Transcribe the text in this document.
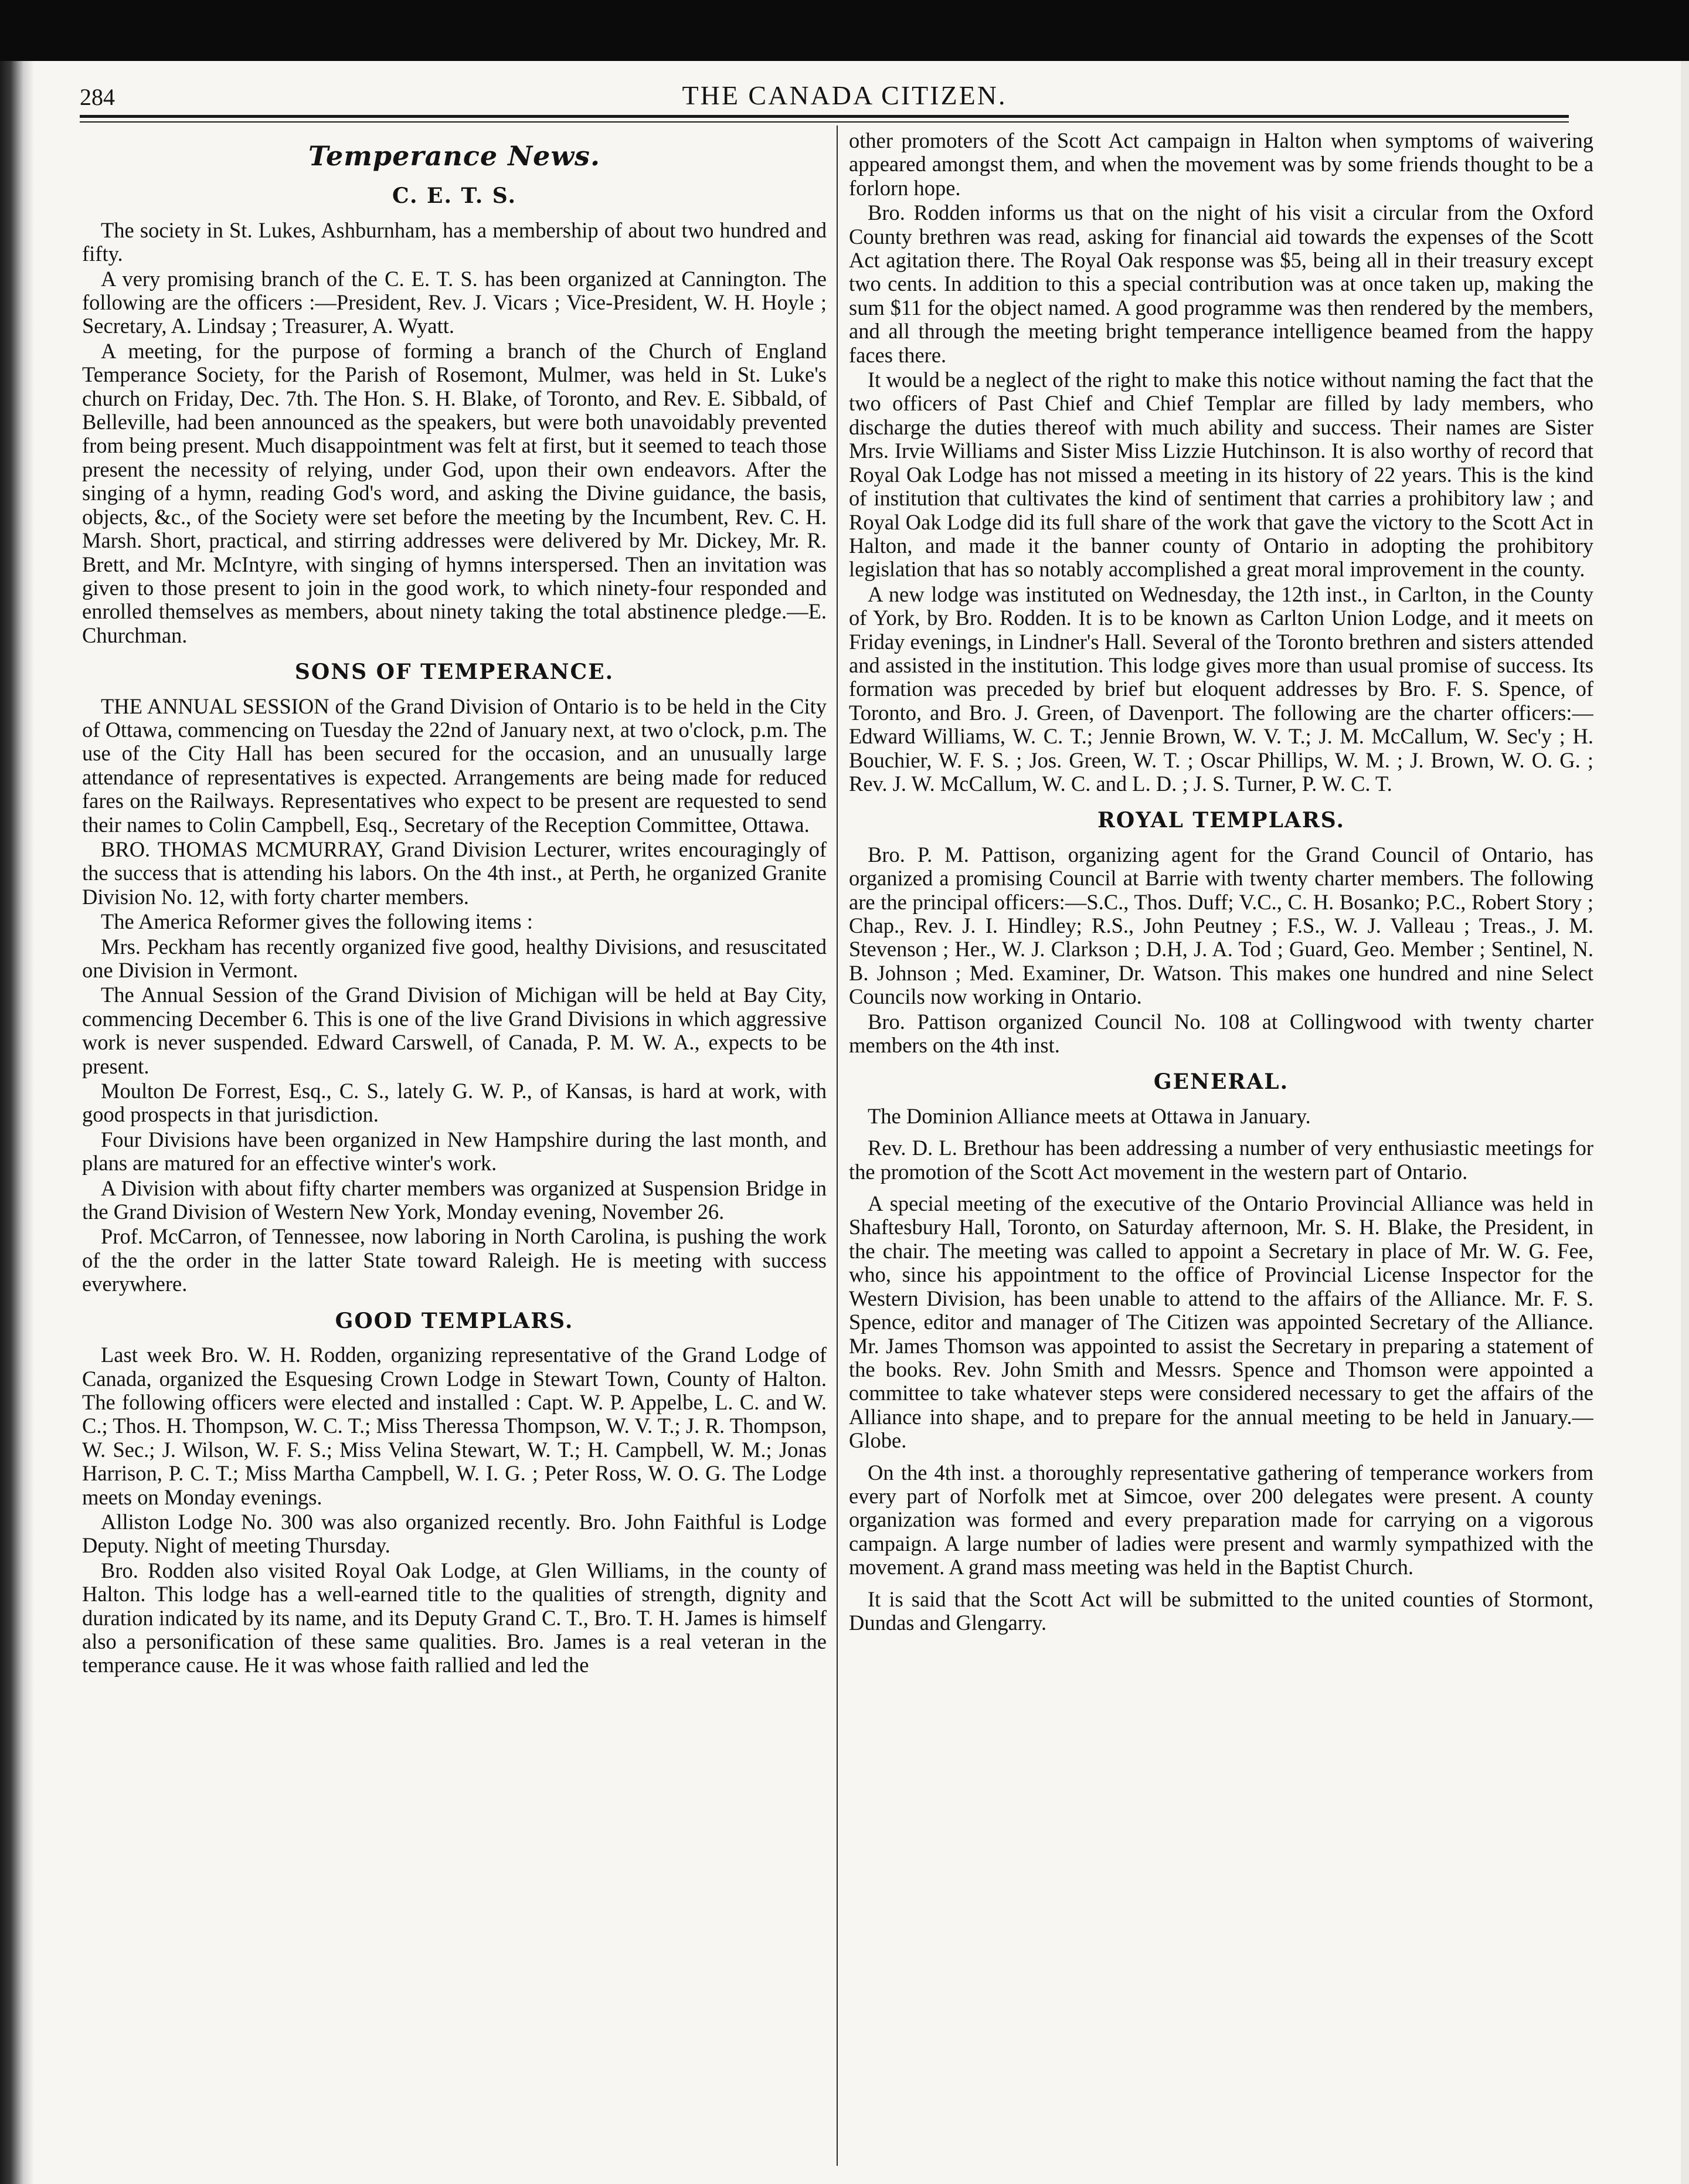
284	THE CANADA CITIZEN.
Temperance News.
C. E. T. S.

The society in St. Lukes, Ashburnham, has a membership of about two hundred and fifty.

A very promising branch of the C. E. T. S. has been organized at Cannington. The following are the officers :—President, Rev. J. Vicars ; Vice-President, W. H. Hoyle ; Secretary, A. Lindsay ; Treasurer, A. Wyatt.

A meeting, for the purpose of forming a branch of the Church of England Temperance Society, for the Parish of Rosemont, Mulmer, was held in St. Luke's church on Friday, Dec. 7th. The Hon. S. H. Blake, of Toronto, and Rev. E. Sibbald, of Belleville, had been announced as the speakers, but were both unavoidably prevented from being present. Much disappointment was felt at first, but it seemed to teach those present the necessity of relying, under God, upon their own endeavors. After the singing of a hymn, reading God's word, and asking the Divine guidance, the basis, objects, &c., of the Society were set before the meeting by the Incumbent, Rev. C. H. Marsh. Short, practical, and stirring addresses were delivered by Mr. Dickey, Mr. R. Brett, and Mr. McIntyre, with singing of hymns interspersed. Then an invitation was given to those present to join in the good work, to which ninety-four responded and enrolled themselves as members, about ninety taking the total abstinence pledge.—E. Churchman.

SONS OF TEMPERANCE.

THE ANNUAL SESSION of the Grand Division of Ontario is to be held in the City of Ottawa, commencing on Tuesday the 22nd of January next, at two o'clock, p.m. The use of the City Hall has been secured for the occasion, and an unusually large attendance of representatives is expected. Arrangements are being made for reduced fares on the Railways. Representatives who expect to be present are requested to send their names to Colin Campbell, Esq., Secretary of the Reception Committee, Ottawa.

BRO. THOMAS MCMURRAY, Grand Division Lecturer, writes encouragingly of the success that is attending his labors. On the 4th inst., at Perth, he organized Granite Division No. 12, with forty charter members.

The America Reformer gives the following items :

Mrs. Peckham has recently organized five good, healthy Divisions, and resuscitated one Division in Vermont.

The Annual Session of the Grand Division of Michigan will be held at Bay City, commencing December 6. This is one of the live Grand Divisions in which aggressive work is never suspended. Edward Carswell, of Canada, P. M. W. A., expects to be present.

Moulton De Forrest, Esq., C. S., lately G. W. P., of Kansas, is hard at work, with good prospects in that jurisdiction.

Four Divisions have been organized in New Hampshire during the last month, and plans are matured for an effective winter's work.

A Division with about fifty charter members was organized at Suspension Bridge in the Grand Division of Western New York, Monday evening, November 26.

Prof. McCarron, of Tennessee, now laboring in North Carolina, is pushing the work of the the order in the latter State toward Raleigh. He is meeting with success everywhere.

GOOD TEMPLARS.

Last week Bro. W. H. Rodden, organizing representative of the Grand Lodge of Canada, organized the Esquesing Crown Lodge in Stewart Town, County of Halton. The following officers were elected and installed : Capt. W. P. Appelbe, L. C. and W. C.; Thos. H. Thompson, W. C. T.; Miss Theressa Thompson, W. V. T.; J. R. Thompson, W. Sec.; J. Wilson, W. F. S.; Miss Velina Stewart, W. T.; H. Campbell, W. M.; Jonas Harrison, P. C. T.; Miss Martha Campbell, W. I. G. ; Peter Ross, W. O. G. The Lodge meets on Monday evenings.

Alliston Lodge No. 300 was also organized recently. Bro. John Faithful is Lodge Deputy. Night of meeting Thursday.

Bro. Rodden also visited Royal Oak Lodge, at Glen Williams, in the county of Halton. This lodge has a well-earned title to the qualities of strength, dignity and duration indicated by its name, and its Deputy Grand C. T., Bro. T. H. James is himself also a personification of these same qualities. Bro. James is a real veteran in the temperance cause. He it was whose faith rallied and led the

other promoters of the Scott Act campaign in Halton when symptoms of waivering appeared amongst them, and when the movement was by some friends thought to be a forlorn hope.

Bro. Rodden informs us that on the night of his visit a circular from the Oxford County brethren was read, asking for financial aid towards the expenses of the Scott Act agitation there. The Royal Oak response was $5, being all in their treasury except two cents. In addition to this a special contribution was at once taken up, making the sum $11 for the object named. A good programme was then rendered by the members, and all through the meeting bright temperance intelligence beamed from the happy faces there.

It would be a neglect of the right to make this notice without naming the fact that the two officers of Past Chief and Chief Templar are filled by lady members, who discharge the duties thereof with much ability and success. Their names are Sister Mrs. Irvie Williams and Sister Miss Lizzie Hutchinson. It is also worthy of record that Royal Oak Lodge has not missed a meeting in its history of 22 years. This is the kind of institution that cultivates the kind of sentiment that carries a prohibitory law ; and Royal Oak Lodge did its full share of the work that gave the victory to the Scott Act in Halton, and made it the banner county of Ontario in adopting the prohibitory legislation that has so notably accomplished a great moral improvement in the county.

A new lodge was instituted on Wednesday, the 12th inst., in Carlton, in the County of York, by Bro. Rodden. It is to be known as Carlton Union Lodge, and it meets on Friday evenings, in Lindner's Hall. Several of the Toronto brethren and sisters attended and assisted in the institution. This lodge gives more than usual promise of success. Its formation was preceded by brief but eloquent addresses by Bro. F. S. Spence, of Toronto, and Bro. J. Green, of Davenport. The following are the charter officers:—Edward Williams, W. C. T.; Jennie Brown, W. V. T.; J. M. McCallum, W. Sec'y ; H. Bouchier, W. F. S. ; Jos. Green, W. T. ; Oscar Phillips, W. M. ; J. Brown, W. O. G. ; Rev. J. W. McCallum, W. C. and L. D. ; J. S. Turner, P. W. C. T.

ROYAL TEMPLARS.

Bro. P. M. Pattison, organizing agent for the Grand Council of Ontario, has organized a promising Council at Barrie with twenty charter members. The following are the principal officers:—S.C., Thos. Duff; V.C., C. H. Bosanko; P.C., Robert Story ; Chap., Rev. J. I. Hindley; R.S., John Peutney ; F.S., W. J. Valleau ; Treas., J. M. Stevenson ; Her., W. J. Clarkson ; D.H, J. A. Tod ; Guard, Geo. Member ; Sentinel, N. B. Johnson ; Med. Examiner, Dr. Watson. This makes one hundred and nine Select Councils now working in Ontario.

Bro. Pattison organized Council No. 108 at Collingwood with twenty charter members on the 4th inst.

GENERAL.

The Dominion Alliance meets at Ottawa in January.

Rev. D. L. Brethour has been addressing a number of very enthusiastic meetings for the promotion of the Scott Act movement in the western part of Ontario.

A special meeting of the executive of the Ontario Provincial Alliance was held in Shaftesbury Hall, Toronto, on Saturday afternoon, Mr. S. H. Blake, the President, in the chair. The meeting was called to appoint a Secretary in place of Mr. W. G. Fee, who, since his appointment to the office of Provincial License Inspector for the Western Division, has been unable to attend to the affairs of the Alliance. Mr. F. S. Spence, editor and manager of The Citizen was appointed Secretary of the Alliance. Mr. James Thomson was appointed to assist the Secretary in preparing a statement of the books. Rev. John Smith and Messrs. Spence and Thomson were appointed a committee to take whatever steps were considered necessary to get the affairs of the Alliance into shape, and to prepare for the annual meeting to be held in January.—Globe.

On the 4th inst. a thoroughly representative gathering of temperance workers from every part of Norfolk met at Simcoe, over 200 delegates were present. A county organization was formed and every preparation made for carrying on a vigorous campaign. A large number of ladies were present and warmly sympathized with the movement. A grand mass meeting was held in the Baptist Church.

It is said that the Scott Act will be submitted to the united counties of Stormont, Dundas and Glengarry.
